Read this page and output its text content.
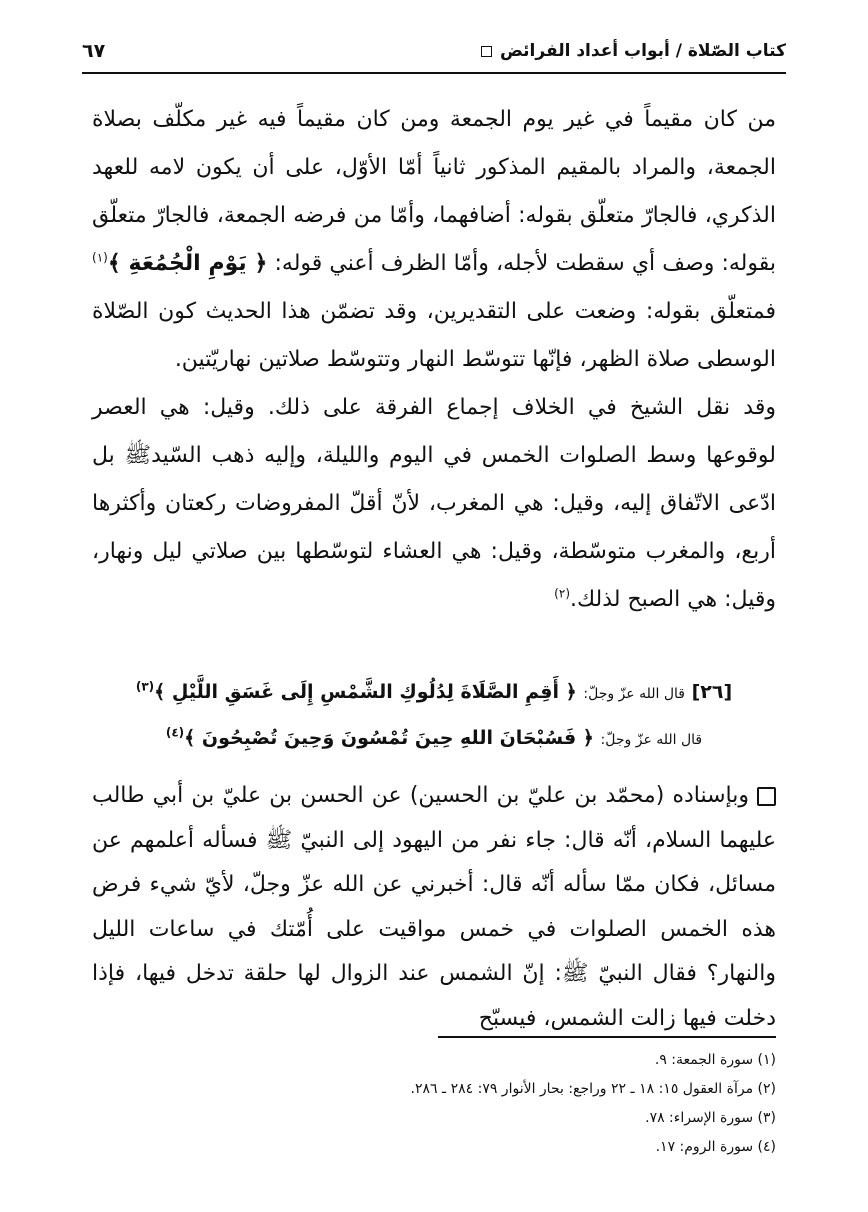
كتاب الصّلاة / أبواب أعداد الفرائض
٦٧

من كان مقيماً في غير يوم الجمعة ومن كان مقيماً فيه غير مكلّف بصلاة الجمعة، والمراد بالمقيم المذكور ثانياً أمّا الأوّل، على أن يكون لامه للعهد الذكري، فالجارّ متعلّق بقوله: أضافهما، وأمّا من فرضه الجمعة، فالجارّ متعلّق بقوله: وصف أي سقطت لأجله، وأمّا الظرف أعني قوله: ﴿ يَوْمِ الْجُمُعَةِ ﴾$^{(١)}$ فمتعلّق بقوله: وضعت على التقديرين، وقد تضمّن هذا الحديث كون الصّلاة الوسطى صلاة الظهر، فإنّها تتوسّط النهار وتتوسّط صلاتين نهاريّتين.

وقد نقل الشيخ في الخلاف إجماع الفرقة على ذلك. وقيل: هي العصر لوقوعها وسط الصلوات الخمس في اليوم والليلة، وإليه ذهب السّيدﷺ بل ادّعى الاتّفاق إليه، وقيل: هي المغرب، لأنّ أقلّ المفروضات ركعتان وأكثرها أربع، والمغرب متوسّطة، وقيل: هي العشاء لتوسّطها بين صلاتي ليل ونهار، وقيل: هي الصبح لذلك.$^{(٢)}$

[٢٦] قال الله عزّ وجلّ: ﴿ أَقِمِ الصَّلَاةَ لِدُلُوكِ الشَّمْسِ إِلَى غَسَقِ اللَّيْلِ ﴾$^{(٣)}$
قال الله عزّ وجلّ: ﴿ فَسُبْحَانَ اللهِ حِينَ تُمْسُونَ وَحِينَ تُصْبِحُونَ ﴾$^{(٤)}$

وبإسناده (محمّد بن عليّ بن الحسين) عن الحسن بن عليّ بن أبي طالب عليهما السلام، أنّه قال: جاء نفر من اليهود إلى النبيّ ﷺ فسأله أعلمهم عن مسائل، فكان ممّا سأله أنّه قال: أخبرني عن الله عزّ وجلّ، لأيّ شيء فرض هذه الخمس الصلوات في خمس مواقيت على أُمّتك في ساعات الليل والنهار؟ فقال النبيّ ﷺ: إنّ الشمس عند الزوال لها حلقة تدخل فيها، فإذا دخلت فيها زالت الشمس، فيسبّح

(١) سورة الجمعة: ٩.

(٢) مرآة العقول ١٥: ١٨ ـ ٢٢ وراجع: بحار الأنوار ٧٩: ٢٨٤ ـ ٢٨٦.

(٣) سورة الإسراء: ٧٨.

(٤) سورة الروم: ١٧.
